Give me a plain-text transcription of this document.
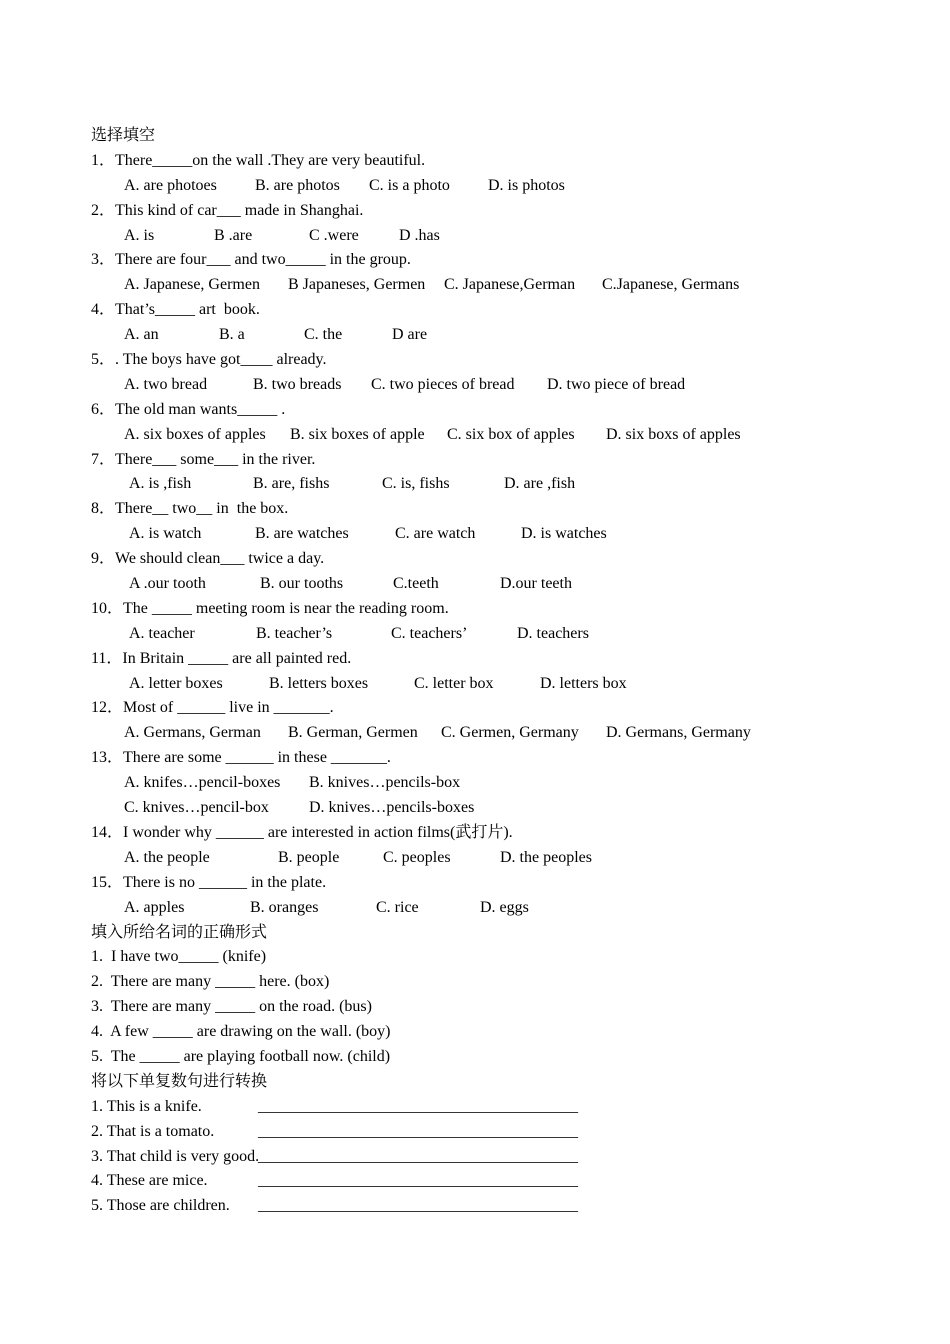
选择填空
1．There_____on the wall .They are very beautiful.
A. are photoes B. are photos C. is a photo D. is photos
2．This kind of car___ made in Shanghai.
A. is	B .are	C .were	D .has
3．There are four___ and two_____ in the group.
A. Japanese, Germen B Japaneses, Germen C. Japanese,German C.Japanese, Germans
4．That’s_____ art  book.
A. an	B. a	C. the	D are
5．. The boys have got____ already.
A. two bread	B. two breads C. two pieces of bread D. two piece of bread
6．The old man wants_____ .
A. six boxes of apples B. six boxes of apple C. six box of apples D. six boxs of apples
7．There___ some___ in the river.
A. is ,fish	B. are, fishs	C. is, fishs	D. are ,fish
8．There__ two__ in  the box.
A. is watch	B. are watches	C. are watch	D. is watches
9．We should clean___ twice a day.
A .our tooth	B. our tooths	C.teeth	D.our teeth
10．The _____ meeting room is near the reading room.
A. teacher	B. teacher’s	C. teachers’	D. teachers
11．In Britain _____ are all painted red.
A. letter boxes	B. letters boxes	C. letter box	D. letters box
12．Most of ______ live in _______.
A. Germans, German B. German, Germen C. Germen, Germany D. Germans, Germany
13．There are some ______ in these _______.
A. knifes…pencil-boxes B. knives…pencils-box
C. knives…pencil-box	D. knives…pencils-boxes
14．I wonder why ______ are interested in action films(武打片).
A. the people	B. people	C. peoples	D. the peoples
15．There is no ______ in the plate.
A. apples	B. oranges	C. rice	D. eggs
填入所给名词的正确形式
1.  I have two_____ (knife)
2.  There are many _____ here. (box)
3.  There are many _____ on the road. (bus)
4.  A few _____ are drawing on the wall. (boy)
5.  The _____ are playing football now. (child)
将以下单复数句进行转换
1. This is a knife.	________________________________________
2. That is a tomato.	________________________________________
3. That child is very good.
________________________________________
4. These are mice.	________________________________________
5. Those are children. ________________________________________
